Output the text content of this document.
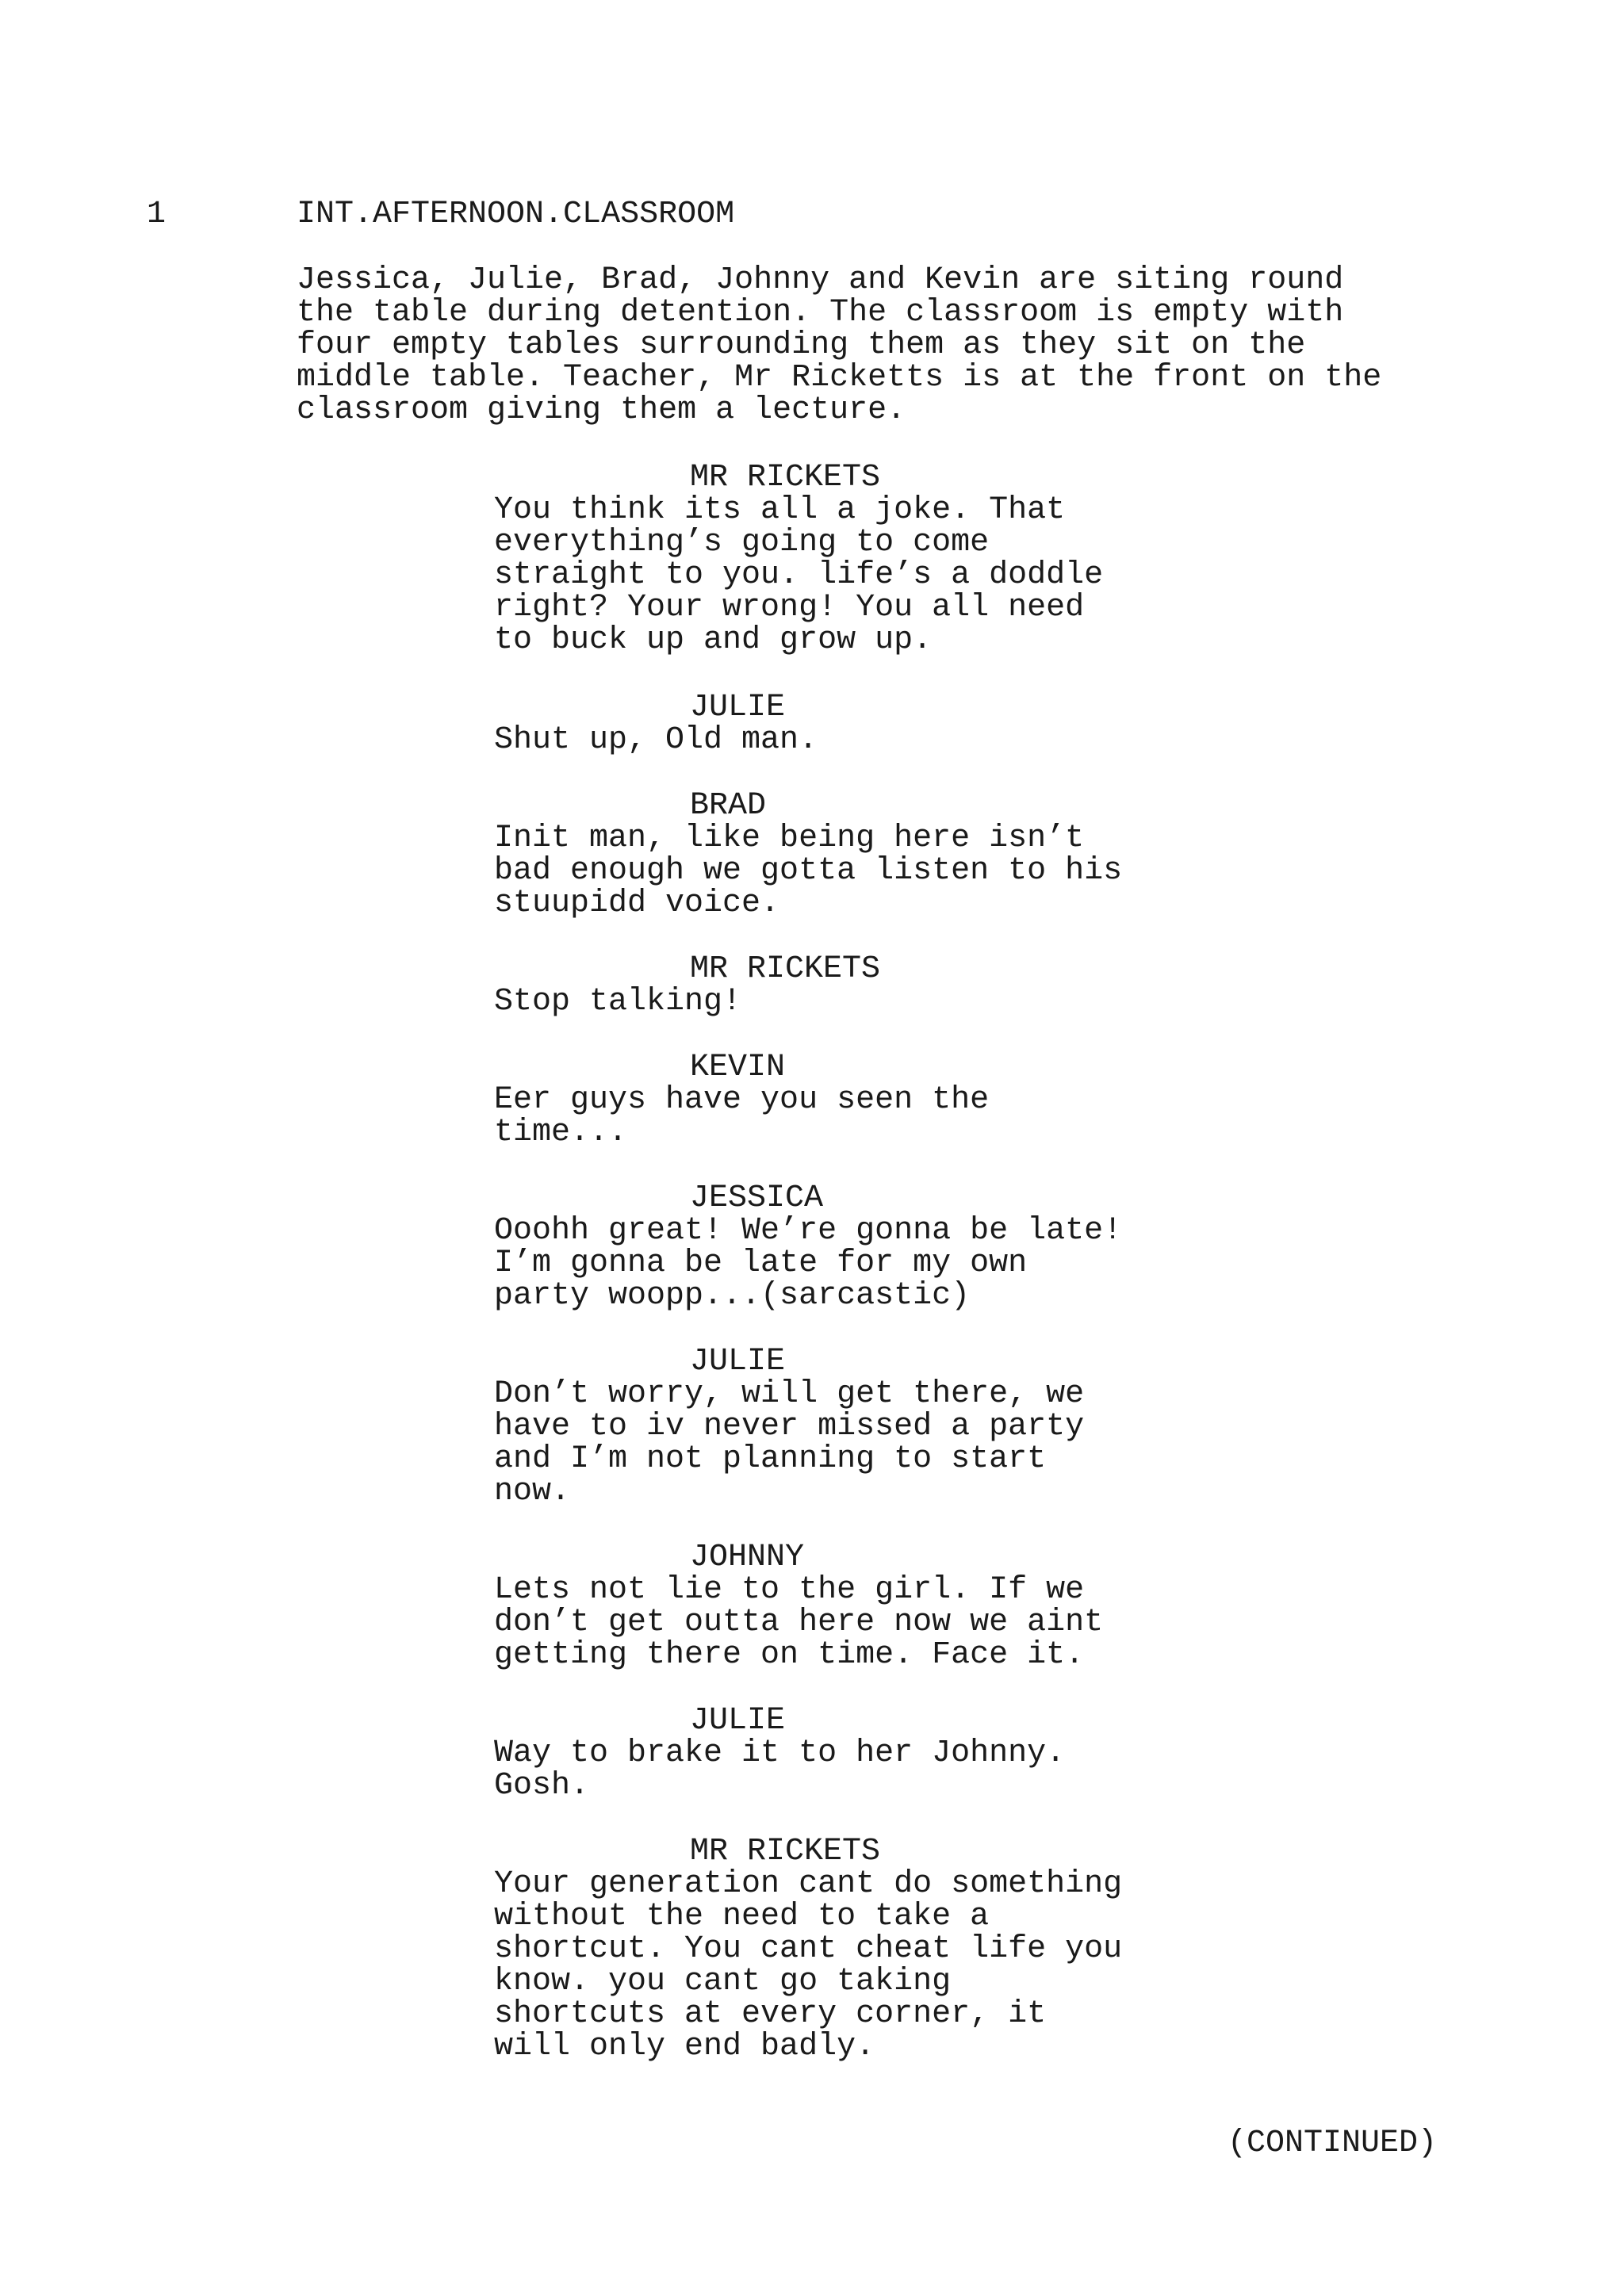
1	INT.AFTERNOON.CLASSROOM
Jessica, Julie, Brad, Johnny and Kevin are siting round
the table during detention. The classroom is empty with
four empty tables surrounding them as they sit on the
middle table. Teacher, Mr Ricketts is at the front on the
classroom giving them a lecture.
MR RICKETS
You think its all a joke. That
everything’s going to come
straight to you. life’s a doddle
right? Your wrong! You all need
to buck up and grow up.
JULIE
Shut up, Old man.
BRAD
Init man, like being here isn’t
bad enough we gotta listen to his
stuupidd voice.
MR RICKETS
Stop talking!
KEVIN
Eer guys have you seen the
time...
JESSICA
Ooohh great! We’re gonna be late!
I’m gonna be late for my own
party woopp...(sarcastic)
JULIE
Don’t worry, will get there, we
have to iv never missed a party
and I’m not planning to start
now.
JOHNNY
Lets not lie to the girl. If we
don’t get outta here now we aint
getting there on time. Face it.
JULIE
Way to brake it to her Johnny.
Gosh.
MR RICKETS
Your generation cant do something
without the need to take a
shortcut. You cant cheat life you
know. you cant go taking
shortcuts at every corner, it
will only end badly.
(CONTINUED)
